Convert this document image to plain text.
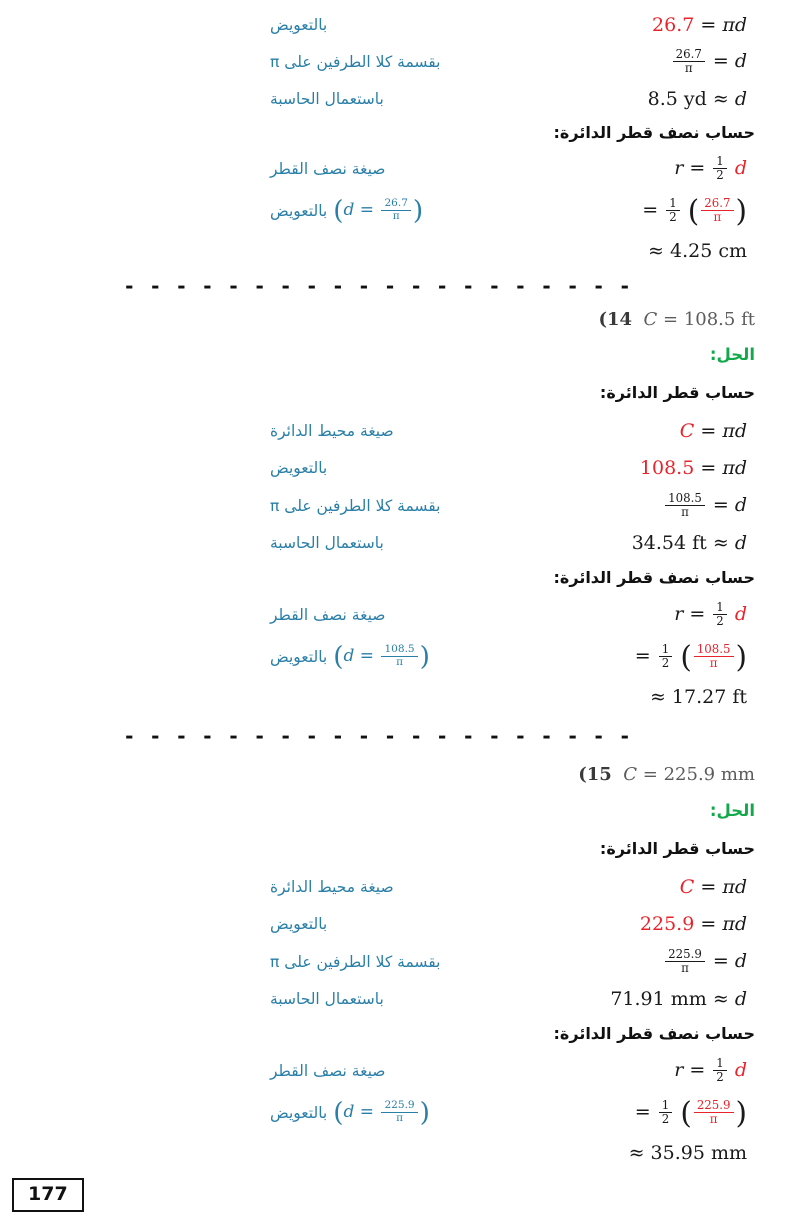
26.7 = πd
بالتعويض
$\frac{26.7}{\pi} = d$
بقسمة كلا الطرفين على π
8.5 yd ≈ d
باستعمال الحاسبة
حساب نصف قطر الدائرة:
$r = \frac{1}{2}$ d
صيغة نصف القطر
= $\frac{1}{2}$ ( $\frac{26.7}{\pi}$ )
($d = \frac{26.7}{\pi}$ )
بالتعويض
≈ 4.25 cm
- - - - - - - - - - - - - - - - - - - -
(14  C = 108.5 ft
الحل:
حساب قطر الدائرة:
C = πd
صيغة محيط الدائرة
108.5 = πd
بالتعويض
$\frac{108.5}{\pi} = d$
بقسمة كلا الطرفين على π
34.54 ft ≈ d
باستعمال الحاسبة
حساب نصف قطر الدائرة:
$r = \frac{1}{2}$ d
صيغة نصف القطر
= $\frac{1}{2}$ ( $\frac{108.5}{\pi}$ )
($d = \frac{108.5}{\pi}$ )
بالتعويض
≈ 17.27 ft
- - - - - - - - - - - - - - - - - - - -
(15  C = 225.9 mm
الحل:
حساب قطر الدائرة:
C = πd
صيغة محيط الدائرة
225.9 = πd
بالتعويض
$\frac{225.9}{\pi} = d$
بقسمة كلا الطرفين على π
71.91 mm ≈ d
باستعمال الحاسبة
حساب نصف قطر الدائرة:
$r = \frac{1}{2}$ d
صيغة نصف القطر
= $\frac{1}{2}$ ( $\frac{225.9}{\pi}$ )
($d = \frac{225.9}{\pi}$ )
بالتعويض
≈ 35.95 mm
177
